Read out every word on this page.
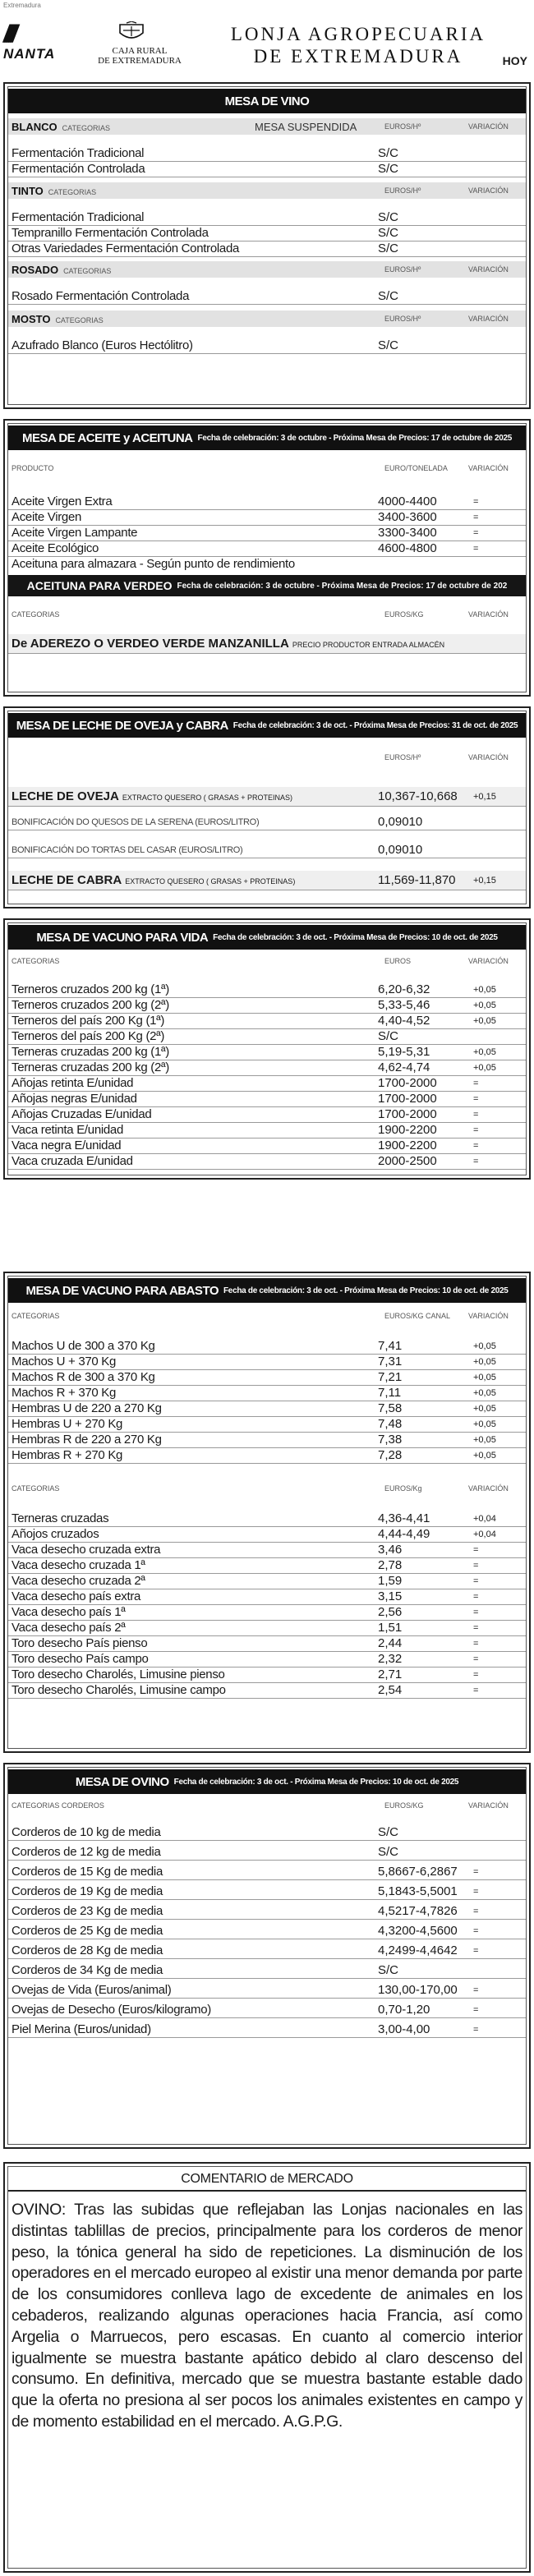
Extremadura
/////
NANTA	CAJA RURAL
DE EXTREMADURA
LONJA AGROPECUARIA DE EXTREMADURA	HOY
MESA DE VINO
BLANCO CATEGORIAS	MESA SUSPENDIDA	EUROS/Hº	VARIACIÓN
Fermentación Tradicional	S/C
Fermentación Controlada	S/C
TINTO CATEGORIAS	EUROS/Hº	VARIACIÓN
Fermentación Tradicional	S/C
Tempranillo Fermentación Controlada	S/C
Otras Variedades Fermentación Controlada	S/C
ROSADO CATEGORIAS	EUROS/Hº	VARIACIÓN
Rosado Fermentación Controlada	S/C
MOSTO CATEGORIAS	EUROS/Hº	VARIACIÓN
Azufrado Blanco (Euros Hectólitro)	S/C
MESA DE ACEITE y ACEITUNA Fecha de celebración: 3 de octubre - Próxima Mesa de Precios: 17 de octubre de 2025
PRODUCTO	EURO/TONELADA	VARIACIÓN
Aceite Virgen Extra	4000-4400	=
Aceite Virgen	3400-3600	=
Aceite Virgen Lampante	3300-3400	=
Aceite Ecológico	4600-4800	=
Aceituna para almazara - Según punto de rendimiento
ACEITUNA PARA VERDEO Fecha de celebración: 3 de octubre - Próxima Mesa de Precios: 17 de octubre de 202
CATEGORIAS	EUROS/KG	VARIACIÓN
De ADEREZO O VERDEO VERDE MANZANILLA PRECIO PRODUCTOR ENTRADA ALMACÉN
MESA DE LECHE DE OVEJA y CABRA Fecha de celebración: 3 de oct. - Próxima Mesa de Precios: 31 de oct. de 2025
EUROS/Hº	VARIACIÓN
LECHE DE OVEJA EXTRACTO QUESERO ( GRASAS + PROTEINAS)	10,367-10,668 +0,15
BONIFICACIÓN DO QUESOS DE LA SERENA (EUROS/LITRO)	0,09010
BONIFICACIÓN DO TORTAS DEL CASAR (EUROS/LITRO)	0,09010
LECHE DE CABRA EXTRACTO QUESERO ( GRASAS + PROTEINAS)	11,569-11,870 +0,15
MESA DE VACUNO PARA VIDA Fecha de celebración: 3 de oct. - Próxima Mesa de Precios: 10 de oct. de 2025
CATEGORIAS	EUROS	VARIACIÓN
Terneros cruzados 200 kg (1ª)	6,20-6,32	+0,05
Terneros cruzados 200 kg (2ª)	5,33-5,46	+0,05
Terneros del país 200 Kg (1ª)	4,40-4,52	+0,05
Terneros del país 200 Kg (2ª)	S/C
Terneras cruzadas 200 kg (1ª)	5,19-5,31	+0,05
Terneras cruzadas 200 kg (2ª)	4,62-4,74	+0,05
Añojas retinta E/unidad	1700-2000	=
Añojas negras E/unidad	1700-2000	=
Añojas Cruzadas E/unidad	1700-2000	=
Vaca retinta E/unidad	1900-2200	=
Vaca negra E/unidad	1900-2200	=
Vaca cruzada E/unidad	2000-2500	=
MESA DE VACUNO PARA ABASTO Fecha de celebración: 3 de oct. - Próxima Mesa de Precios: 10 de oct. de 2025
CATEGORIAS	EUROS/KG CANAL VARIACIÓN
Machos U de 300 a 370 Kg	7,41	+0,05
Machos U + 370 Kg	7,31	+0,05
Machos R de 300 a 370 Kg	7,21	+0,05
Machos R + 370 Kg	7,11	+0,05
Hembras U de 220 a 270 Kg	7,58	+0,05
Hembras U + 270 Kg	7,48	+0,05
Hembras R de 220 a 270 Kg	7,38	+0,05
Hembras R + 270 Kg	7,28	+0,05
CATEGORIAS	EUROS/Kg	VARIACIÓN
Terneras cruzadas	4,36-4,41	+0,04
Añojos cruzados	4,44-4,49	+0,04
Vaca desecho cruzada extra	3,46	=
Vaca desecho cruzada 1ª	2,78	=
Vaca desecho cruzada 2ª	1,59	=
Vaca desecho país extra	3,15	=
Vaca desecho país 1ª	2,56	=
Vaca desecho país 2ª	1,51	=
Toro desecho País pienso	2,44	=
Toro desecho País campo	2,32	=
Toro desecho Charolés, Limusine pienso	2,71	=
Toro desecho Charolés, Limusine campo	2,54	=
MESA DE OVINO Fecha de celebración: 3 de oct. - Próxima Mesa de Precios: 10 de oct. de 2025
CATEGORIAS CORDEROS	EUROS/KG	VARIACIÓN
Corderos de 10 kg de media	S/C
Corderos de 12 kg de media	S/C
Corderos de 15 Kg de media	5,8667-6,2867 =
Corderos de 19 Kg de media	5,1843-5,5001 =
Corderos de 23 Kg de media	4,5217-4,7826 =
Corderos de 25 Kg de media	4,3200-4,5600 =
Corderos de 28 Kg de media	4,2499-4,4642 =
Corderos de 34 Kg de media	S/C
Ovejas de Vida (Euros/animal)	130,00-170,00 =
Ovejas de Desecho (Euros/kilogramo)	0,70-1,20	=
Piel Merina (Euros/unidad)	3,00-4,00	=
COMENTARIO de MERCADO
OVINO: Tras las subidas que reflejaban las Lonjas nacionales en las distintas tablillas de precios, principalmente para los corderos de menor peso, la tónica general ha sido de repeticiones. La disminución de los operadores en el mercado europeo al existir una menor demanda por parte de los consumidores conlleva lago de excedente de animales en los cebaderos, realizando algunas operaciones hacia Francia, así como Argelia o Marruecos, pero escasas. En cuanto al comercio interior igualmente se muestra bastante apático debido al claro descenso del consumo. En definitiva, mercado que se muestra bastante estable dado que la oferta no presiona al ser pocos los animales existentes en campo y de momento estabilidad en el mercado. A.G.P.G.
